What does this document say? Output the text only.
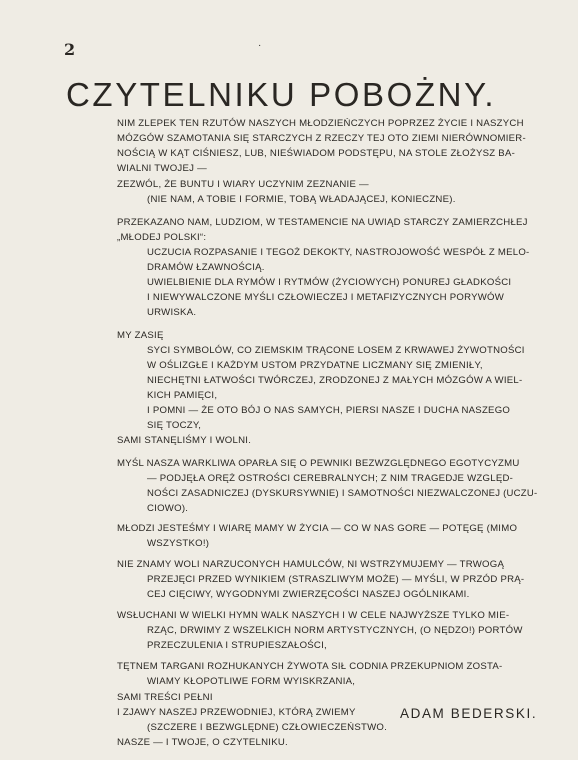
2	·
CZYTELNIKU POBOŻNY.
NIM ZLEPEK TEN RZUTÓW NASZYCH MŁODZIEŃCZYCH POPRZEZ ŻYCIE I NASZYCH
MÓZGÓW SZAMOTANIA SIĘ STARCZYCH Z RZECZY TEJ OTO ZIEMI NIERÓWNOMIER-
NOŚCIĄ W KĄT CIŚNIESZ, LUB, NIEŚWIADOM PODSTĘPU, NA STOLE ZŁOŻYSZ BA-
WIALNI TWOJEJ —
ZEZWÓL, ŻE BUNTU I WIARY UCZYNIM ZEZNANIE —
(NIE NAM, A TOBIE I FORMIE, TOBĄ WŁADAJĄCEJ, KONIECZNE).
PRZEKAZANO NAM, LUDZIOM, W TESTAMENCIE NA UWIĄD STARCZY ZAMIERZCHŁEJ
„MŁODEJ POLSKI“:
UCZUCIA ROZPASANIE I TEGOŻ DEKOKTY, NASTROJOWOŚĆ WESPÓŁ Z MELO-
DRAMÓW ŁZAWNOŚCIĄ.
UWIELBIENIE DLA RYMÓW I RYTMÓW (ŻYCIOWYCH) PONUREJ GŁADKOŚCI
I NIEWYWALCZONE MYŚLI CZŁOWIECZEJ I METAFIZYCZNYCH PORYWÓW
URWISKA.
MY ZASIĘ
SYCI SYMBOLÓW, CO ZIEMSKIM TRĄCONE LOSEM Z KRWAWEJ ŻYWOTNOŚCI
W OŚLIZGŁE I KAŻDYM USTOM PRZYDATNE LICZMANY SIĘ ZMIENIŁY,
NIECHĘTNI ŁATWOŚCI TWÓRCZEJ, ZRODZONEJ Z MAŁYCH MÓZGÓW A WIEL-
KICH PAMIĘCI,
I POMNI — ŻE OTO BÓJ O NAS SAMYCH, PIERSI NASZE I DUCHA NASZEGO
SIĘ TOCZY,
SAMI STANĘLIŚMY I WOLNI.
MYŚL NASZA WARKLIWA OPARŁA SIĘ O PEWNIKI BEZWZGLĘDNEGO EGOTYCYZMU
— PODJĘŁA ORĘŻ OSTROŚCI CEREBRALNYCH; Z NIM TRAGEDJE WZGLĘD-
NOŚCI ZASADNICZEJ (DYSKURSYWNIE) I SAMOTNOŚCI NIEZWALCZONEJ (UCZU-
CIOWO).
MŁODZI JESTEŚMY I WIARĘ MAMY W ŻYCIA — CO W NAS GORE — POTĘGĘ (MIMO
WSZYSTKO!)
NIE ZNAMY WOLI NARZUCONYCH HAMULCÓW, NI WSTRZYMUJEMY — TRWOGĄ
PRZEJĘCI PRZED WYNIKIEM (STRASZLIWYM MOŻE) — MYŚLI, W PRZÓD PRĄ-
CEJ CIĘCIWY, WYGODNYMI ZWIERZĘCOŚCI NASZEJ OGÓLNIKAMI.
WSŁUCHANI W WIELKI HYMN WALK NASZYCH I W CELE NAJWYŻSZE TYLKO MIE-
RZĄC, DRWIMY Z WSZELKICH NORM ARTYSTYCZNYCH, (O NĘDZO!) PORTÓW
PRZECZULENIA I STRUPIESZAŁOŚCI,
TĘTNEM TARGANI ROZHUKANYCH ŻYWOTA SIŁ CODNIA PRZEKUPNIOM ZOSTA-
WIAMY KŁOPOTLIWE FORM WYISKRZANIA,
SAMI TREŚCI PEŁNI
I ZJAWY NASZEJ PRZEWODNIEJ, KTÓRĄ ZWIEMY
(SZCZERE I BEZWGLĘDNE) CZŁOWIECZEŃSTWO.
NASZE — I TWOJE, O CZYTELNIKU.
ADAM BEDERSKI.
